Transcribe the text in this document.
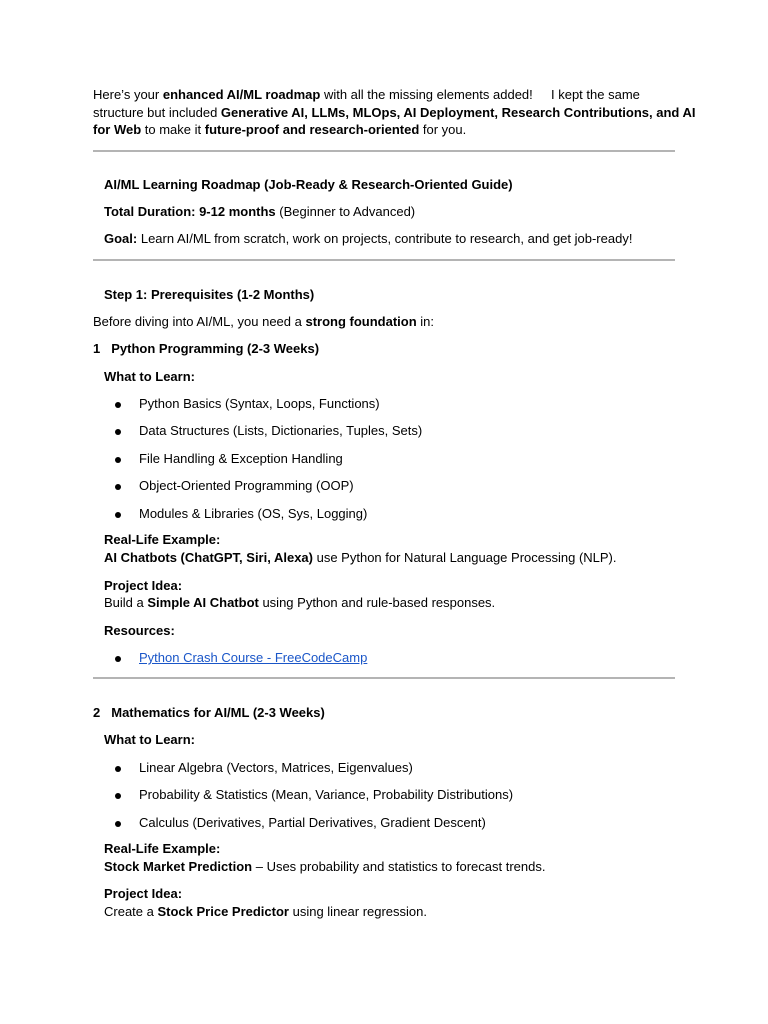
Here’s your enhanced AI/ML roadmap with all the missing elements added!  I kept the same
structure but included Generative AI, LLMs, MLOps, AI Deployment, Research Contributions, and AI
for Web to make it future-proof and research-oriented for you.
AI/ML Learning Roadmap (Job-Ready & Research-Oriented Guide)
Total Duration: 9-12 months (Beginner to Advanced)
Goal: Learn AI/ML from scratch, work on projects, contribute to research, and get job-ready!
Step 1: Prerequisites (1-2 Months)
Before diving into AI/ML, you need a strong foundation in:
1 Python Programming (2-3 Weeks)
What to Learn:
Python Basics (Syntax, Loops, Functions)
Data Structures (Lists, Dictionaries, Tuples, Sets)
File Handling & Exception Handling
Object-Oriented Programming (OOP)
Modules & Libraries (OS, Sys, Logging)
Real-Life Example:
AI Chatbots (ChatGPT, Siri, Alexa) use Python for Natural Language Processing (NLP).
Project Idea:
Build a Simple AI Chatbot using Python and rule-based responses.
Resources:
Python Crash Course - FreeCodeCamp
2 Mathematics for AI/ML (2-3 Weeks)
What to Learn:
Linear Algebra (Vectors, Matrices, Eigenvalues)
Probability & Statistics (Mean, Variance, Probability Distributions)
Calculus (Derivatives, Partial Derivatives, Gradient Descent)
Real-Life Example:
Stock Market Prediction – Uses probability and statistics to forecast trends.
Project Idea:
Create a Stock Price Predictor using linear regression.
